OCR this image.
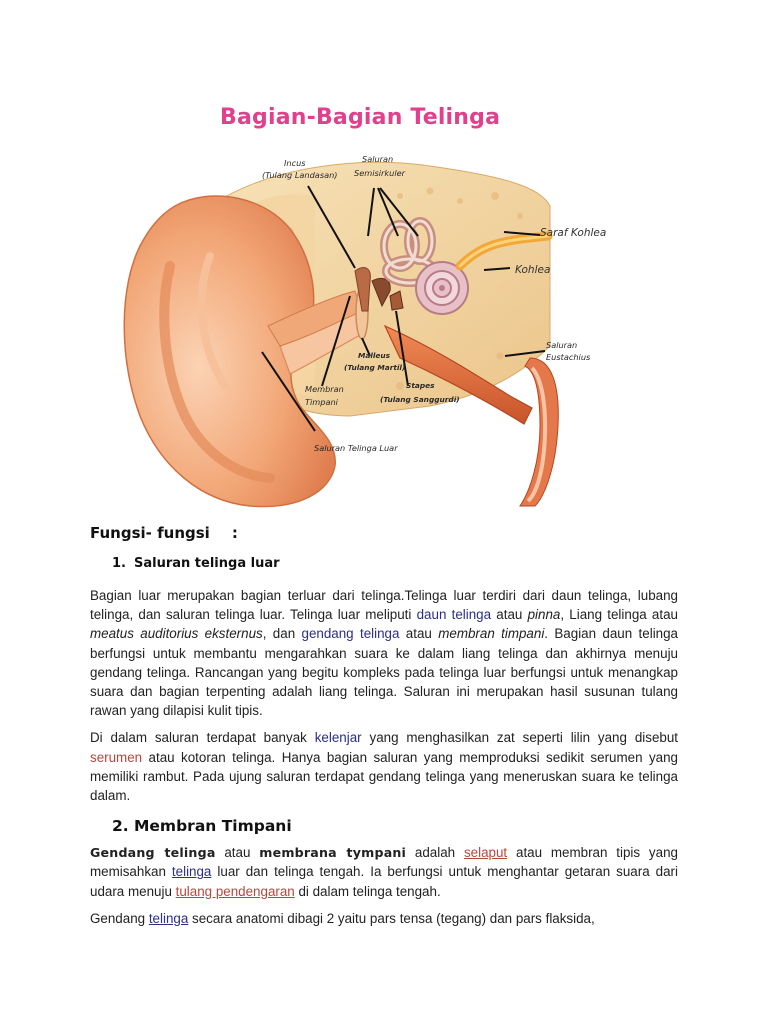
Bagian-Bagian Telinga
Incus
(Tulang Landasan)
Saluran
Semisirkuler
Saraf Kohlea
Kohlea
Saluran
Eustachius
Malleus
(Tulang Martil)
Membran
Timpani
Stapes
(Tulang Sanggurdi)
Saluran Telinga Luar
Fungsi- fungsi :
1. Saluran telinga luar

Bagian luar merupakan bagian terluar dari telinga.Telinga luar terdiri dari daun telinga, lubang telinga, dan saluran telinga luar. Telinga luar meliputi daun telinga atau pinna, Liang telinga atau meatus auditorius eksternus, dan gendang telinga atau membran timpani. Bagian daun telinga berfungsi untuk membantu mengarahkan suara ke dalam liang telinga dan akhirnya menuju gendang telinga. Rancangan yang begitu kompleks pada telinga luar berfungsi untuk menangkap suara dan bagian terpenting adalah liang telinga. Saluran ini merupakan hasil susunan tulang rawan yang dilapisi kulit tipis.

Di dalam saluran terdapat banyak kelenjar yang menghasilkan zat seperti lilin yang disebut serumen atau kotoran telinga. Hanya bagian saluran yang memproduksi sedikit serumen yang memiliki rambut. Pada ujung saluran terdapat gendang telinga yang meneruskan suara ke telinga dalam.

2. Membran Timpani

Gendang telinga atau membrana tympani adalah selaput atau membran tipis yang memisahkan telinga luar dan telinga tengah. Ia berfungsi untuk menghantar getaran suara dari udara menuju tulang pendengaran di dalam telinga tengah.

Gendang telinga secara anatomi dibagi 2 yaitu pars tensa (tegang) dan pars flaksida,
